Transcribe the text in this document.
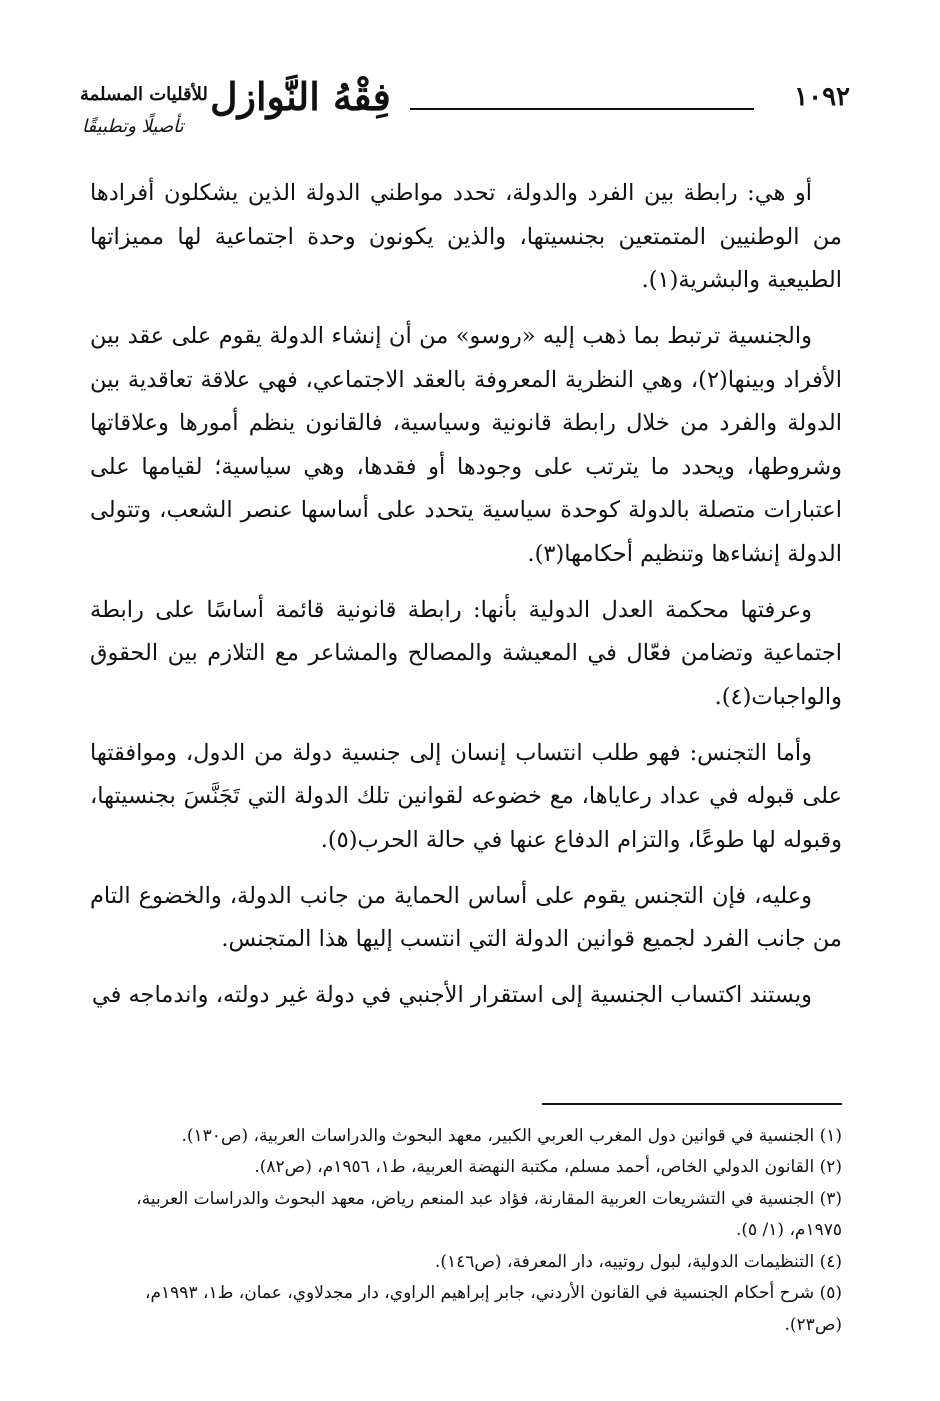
١٠٩٢
فِقْهُ النَّوازل
للأقليات المسلمة
تأصيلًا وتطبيقًا

أو هي: رابطة بين الفرد والدولة، تحدد مواطني الدولة الذين يشكلون أفرادها من الوطنيين المتمتعين بجنسيتها، والذين يكونون وحدة اجتماعية لها مميزاتها الطبيعية والبشرية(١).

والجنسية ترتبط بما ذهب إليه «روسو» من أن إنشاء الدولة يقوم على عقد بين الأفراد وبينها(٢)، وهي النظرية المعروفة بالعقد الاجتماعي، فهي علاقة تعاقدية بين الدولة والفرد من خلال رابطة قانونية وسياسية، فالقانون ينظم أمورها وعلاقاتها وشروطها، ويحدد ما يترتب على وجودها أو فقدها، وهي سياسية؛ لقيامها على اعتبارات متصلة بالدولة كوحدة سياسية يتحدد على أساسها عنصر الشعب، وتتولى الدولة إنشاءها وتنظيم أحكامها(٣).

وعرفتها محكمة العدل الدولية بأنها: رابطة قانونية قائمة أساسًا على رابطة اجتماعية وتضامن فعّال في المعيشة والمصالح والمشاعر مع التلازم بين الحقوق والواجبات(٤).

وأما التجنس: فهو طلب انتساب إنسان إلى جنسية دولة من الدول، وموافقتها على قبوله في عداد رعاياها، مع خضوعه لقوانين تلك الدولة التي تَجَنَّسَ بجنسيتها، وقبوله لها طوعًا، والتزام الدفاع عنها في حالة الحرب(٥).

وعليه، فإن التجنس يقوم على أساس الحماية من جانب الدولة، والخضوع التام من جانب الفرد لجميع قوانين الدولة التي انتسب إليها هذا المتجنس.

ويستند اكتساب الجنسية إلى استقرار الأجنبي في دولة غير دولته، واندماجه في

(١) الجنسية في قوانين دول المغرب العربي الكبير، معهد البحوث والدراسات العربية، (ص١٣٠).

(٢) القانون الدولي الخاص، أحمد مسلم، مكتبة النهضة العربية، ط١، ١٩٥٦م، (ص٨٢).

(٣) الجنسية في التشريعات العربية المقارنة، فؤاد عبد المنعم رياض، معهد البحوث والدراسات العربية، ١٩٧٥م، (١/ ٥).

(٤) التنظيمات الدولية، لبول روتييه، دار المعرفة، (ص١٤٦).

(٥) شرح أحكام الجنسية في القانون الأردني، جابر إبراهيم الراوي، دار مجدلاوي، عمان، ط١، ١٩٩٣م، (ص٢٣).
